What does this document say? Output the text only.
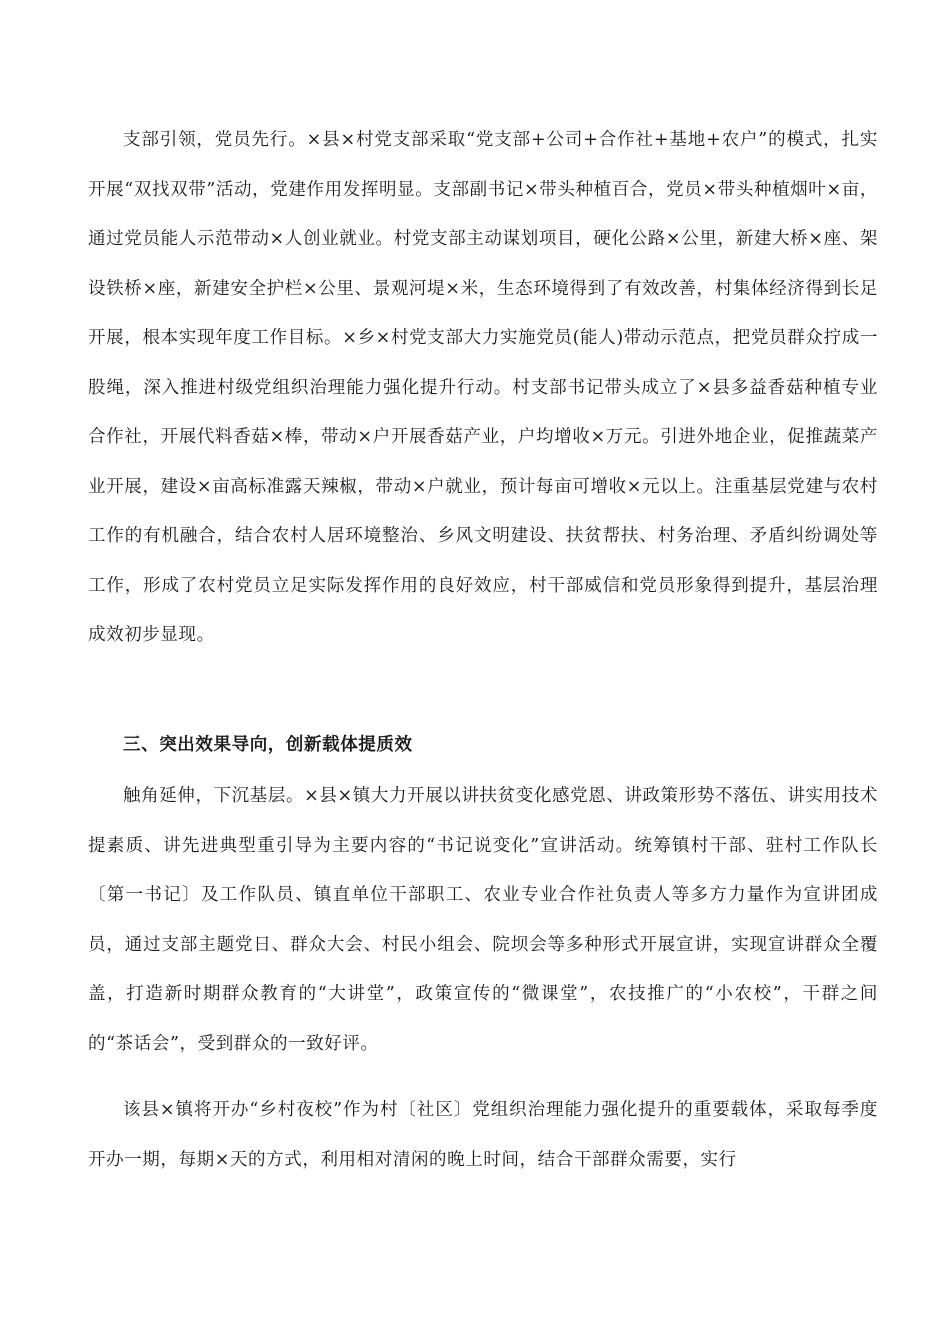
支部引领，党员先行。×县×村党支部采取“党支部+公司+合作社+基地+农户”的模式，扎实开展“双找双带”活动，党建作用发挥明显。支部副书记×带头种植百合，党员×带头种植烟叶×亩，通过党员能人示范带动×人创业就业。村党支部主动谋划项目，硬化公路×公里，新建大桥×座、架设铁桥×座，新建安全护栏×公里、景观河堤×米，生态环境得到了有效改善，村集体经济得到长足开展，根本实现年度工作目标。×乡×村党支部大力实施党员(能人)带动示范点，把党员群众拧成一股绳，深入推进村级党组织治理能力强化提升行动。村支部书记带头成立了×县多益香菇种植专业合作社，开展代料香菇×棒，带动×户开展香菇产业，户均增收×万元。引进外地企业，促推蔬菜产业开展，建设×亩高标准露天辣椒，带动×户就业，预计每亩可增收×元以上。注重基层党建与农村工作的有机融合，结合农村人居环境整治、乡风文明建设、扶贫帮扶、村务治理、矛盾纠纷调处等工作，形成了农村党员立足实际发挥作用的良好效应，村干部威信和党员形象得到提升，基层治理成效初步显现。

三、突出效果导向，创新载体提质效

触角延伸，下沉基层。×县×镇大力开展以讲扶贫变化感党恩、讲政策形势不落伍、讲实用技术提素质、讲先进典型重引导为主要内容的“书记说变化”宣讲活动。统筹镇村干部、驻村工作队长〔第一书记〕及工作队员、镇直单位干部职工、农业专业合作社负责人等多方力量作为宣讲团成员，通过支部主题党日、群众大会、村民小组会、院坝会等多种形式开展宣讲，实现宣讲群众全覆盖，打造新时期群众教育的“大讲堂”，政策宣传的“微课堂”，农技推广的“小农校”，干群之间的“茶话会”，受到群众的一致好评。

该县×镇将开办“乡村夜校”作为村〔社区〕党组织治理能力强化提升的重要载体，采取每季度开办一期，每期×天的方式，利用相对清闲的晚上时间，结合干部群众需要，实行
